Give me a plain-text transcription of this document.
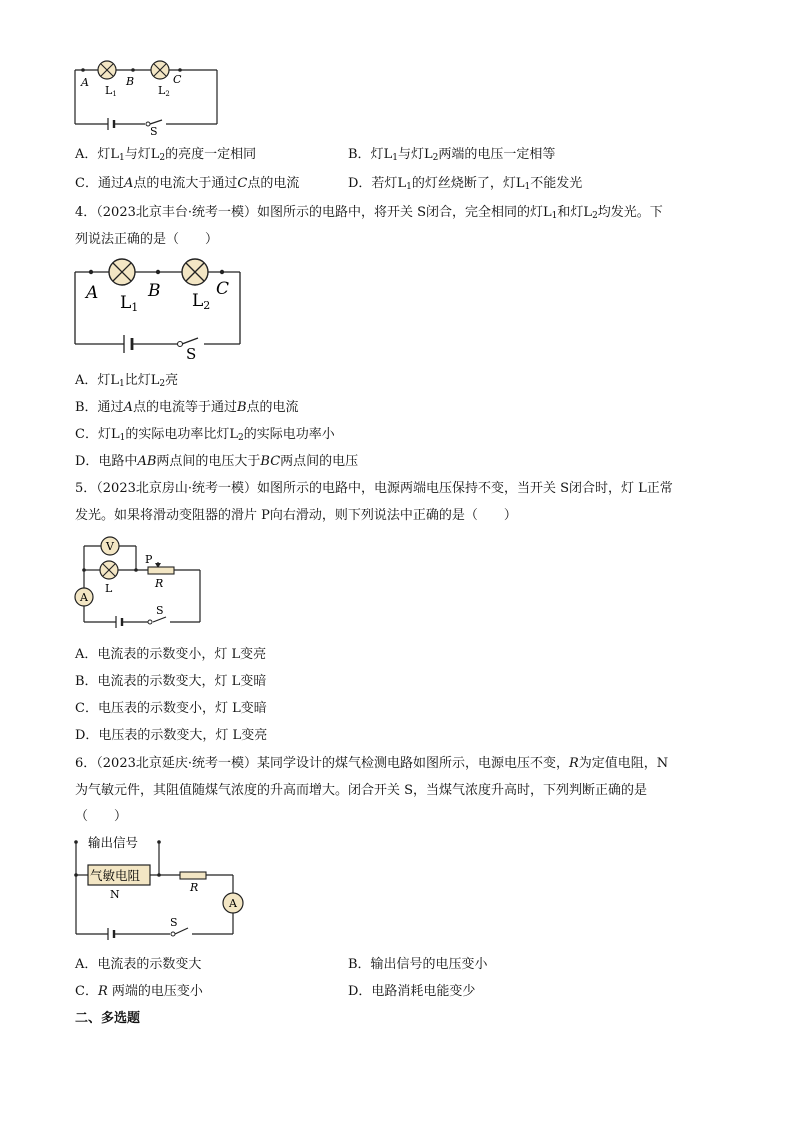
A	B	C
L1	L2
S
A．灯$L_1$与灯$L_2$的亮度一定相同	B．灯$L_1$与灯$L_2$两端的电压一定相等
C．通过A点的电流大于通过C点的电流	D．若灯$L_1$的灯丝烧断了，灯$L_1$不能发光
4．（2023北京丰台·统考一模）如图所示的电路中，将开关 S闭合，完全相同的灯$L_1$和灯$L_2$均发光。下
列说法正确的是（　　）
A	B	C
L1	L2
S
A．灯$L_1$比灯$L_2$亮
B．通过A点的电流等于通过B点的电流
C．灯$L_1$的实际电功率比灯$L_2$的实际电功率小
D．电路中AB两点间的电压大于BC两点间的电压
5．（2023北京房山·统考一模）如图所示的电路中，电源两端电压保持不变，当开关 S闭合时，灯 L正常
发光。如果将滑动变阻器的滑片 P向右滑动，则下列说法中正确的是（　　）
V
A
L
P
R
S
A．电流表的示数变小，灯 L变亮
B．电流表的示数变大，灯 L变暗
C．电压表的示数变小，灯 L变暗
D．电压表的示数变大，灯 L变亮
6．（2023北京延庆·统考一模）某同学设计的煤气检测电路如图所示，电源电压不变，R为定值电阻，N
为气敏元件，其阻值随煤气浓度的升高而增大。闭合开关 S，当煤气浓度升高时，下列判断正确的是
（　　）
气敏电阻
A
输出信号
N
R
S
A．电流表的示数变大	B．输出信号的电压变小
C．R 两端的电压变小	D．电路消耗电能变少
二、多选题
